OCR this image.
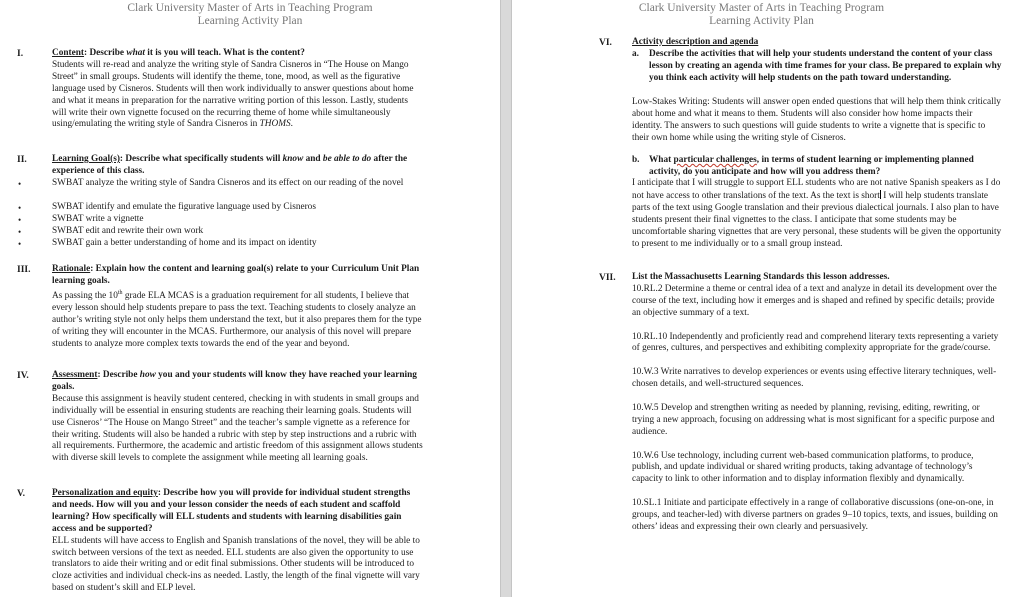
Clark University Master of Arts in Teaching Program
Learning Activity Plan
I.	Content: Describe what it is you will teach. What is the content?

Students will re-read and analyze the writing style of Sandra Cisneros in “The House on Mango Street” in small groups. Students will identify the theme, tone, mood, as well as the figurative language used by Cisneros. Students will then work individually to answer questions about home and what it means in preparation for the narrative writing portion of this lesson. Lastly, students will write their own vignette focused on the recurring theme of home while simultaneously using/emulating the writing style of Sandra Cisneros in THOMS.

II.	Learning Goal(s): Describe what specifically students will know and be able to do after the experience of this class.

•	SWBAT analyze the writing style of Sandra Cisneros and its effect on our reading of the novel
•	SWBAT identify and emulate the figurative language used by Cisneros
•	SWBAT write a vignette
•	SWBAT edit and rewrite their own work
•	SWBAT gain a better understanding of home and its impact on identity
III. Rationale: Explain how the content and learning goal(s) relate to your Curriculum Unit Plan learning goals.

As passing the 10th grade ELA MCAS is a graduation requirement for all students, I believe that every lesson should help students prepare to pass the text. Teaching students to closely analyze an author’s writing style not only helps them understand the text, but it also prepares them for the type of writing they will encounter in the MCAS. Furthermore, our analysis of this novel will prepare students to analyze more complex texts towards the end of the year and beyond.

IV.	Assessment: Describe how you and your students will know they have reached your learning goals.

Because this assignment is heavily student centered, checking in with students in small groups and individually will be essential in ensuring students are reaching their learning goals. Students will use Cisneros’ “The House on Mango Street” and the teacher’s sample vignette as a reference for their writing. Students will also be handed a rubric with step by step instructions and a rubric with all requirements. Furthermore, the academic and artistic freedom of this assignment allows students with diverse skill levels to complete the assignment while meeting all learning goals.

V.	Personalization and equity: Describe how you will provide for individual student strengths and needs. How will you and your lesson consider the needs of each student and scaffold learning? How specifically will ELL students and students with learning disabilities gain access and be supported?

ELL students will have access to English and Spanish translations of the novel, they will be able to switch between versions of the text as needed. ELL students are also given the opportunity to use translators to aide their writing and or edit final submissions. Other students will be introduced to cloze activities and individual check-ins as needed. Lastly, the length of the final vignette will vary based on student’s skill and ELP level.

Clark University Master of Arts in Teaching Program
Learning Activity Plan
VI. Activity description and agenda

a. Describe the activities that will help your students understand the content of your class lesson by creating an agenda with time frames for your class. Be prepared to explain why you think each activity will help students on the path toward understanding.
Low-Stakes Writing: Students will answer open ended questions that will help them think critically about home and what it means to them. Students will also consider how home impacts their identity. The answers to such questions will guide students to write a vignette that is specific to their own home while using the writing style of Cisneros.
b. What particular challenges, in terms of student learning or implementing planned activity, do you anticipate and how will you address them?
I anticipate that I will struggle to support ELL students who are not native Spanish speakers as I do not have access to other translations of the text. As the text is short I will help students translate parts of the text using Google translation and their previous dialectical journals. I also plan to have students present their final vignettes to the class. I anticipate that some students may be uncomfortable sharing vignettes that are very personal, these students will be given the opportunity to present to me individually or to a small group instead.
VII. List the Massachusetts Learning Standards this lesson addresses.

10.RL.2 Determine a theme or central idea of a text and analyze in detail its development over the course of the text, including how it emerges and is shaped and refined by specific details; provide an objective summary of a text.

10.RL.10 Independently and proficiently read and comprehend literary texts representing a variety of genres, cultures, and perspectives and exhibiting complexity appropriate for the grade/course.

10.W.3 Write narratives to develop experiences or events using effective literary techniques, well-chosen details, and well-structured sequences.

10.W.5 Develop and strengthen writing as needed by planning, revising, editing, rewriting, or trying a new approach, focusing on addressing what is most significant for a specific purpose and audience.

10.W.6 Use technology, including current web-based communication platforms, to produce, publish, and update individual or shared writing products, taking advantage of technology’s capacity to link to other information and to display information flexibly and dynamically.

10.SL.1 Initiate and participate effectively in a range of collaborative discussions (one-on-one, in groups, and teacher-led) with diverse partners on grades 9–10 topics, texts, and issues, building on others’ ideas and expressing their own clearly and persuasively.
